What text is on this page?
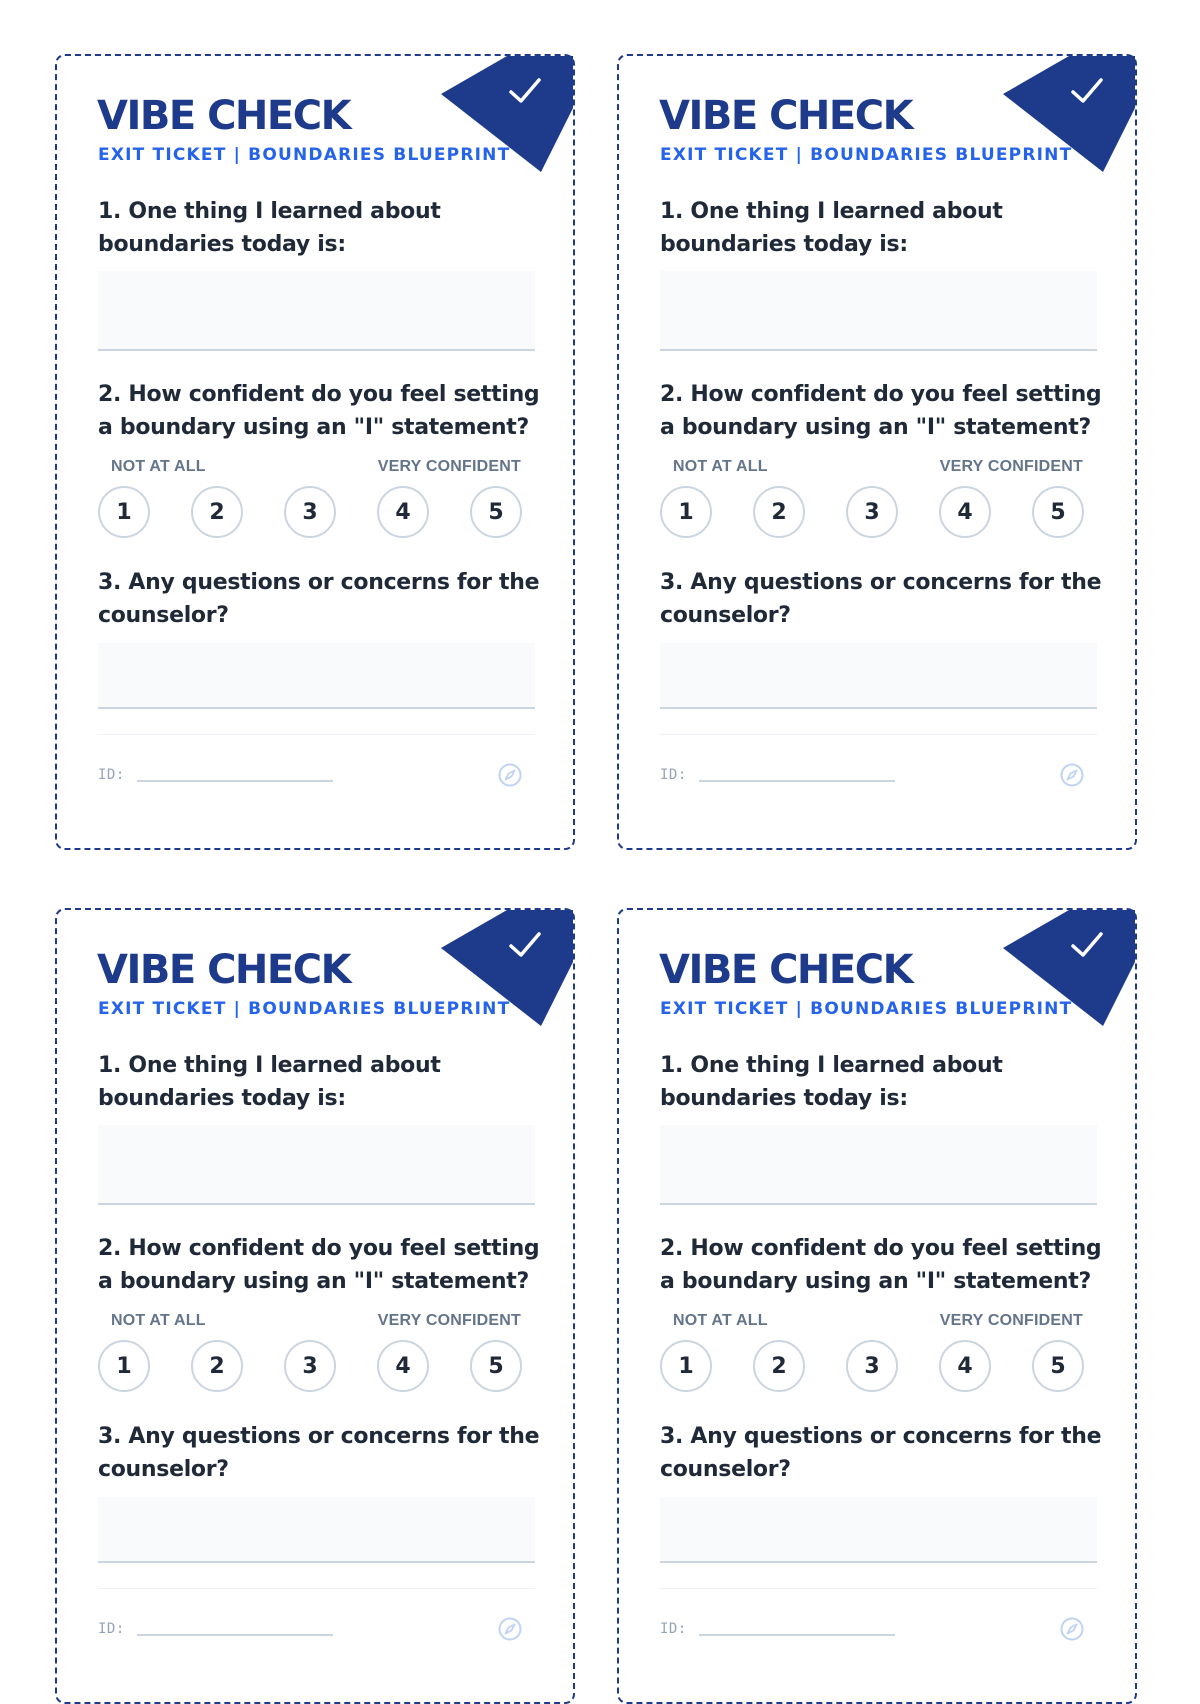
VIBE CHECK
EXIT TICKET | BOUNDARIES BLUEPRINT
1. One thing I learned about boundaries today is:
2. How confident do you feel setting a boundary using an "I" statement?
NOT AT ALL	VERY CONFIDENT
1	2	3	4	5
3. Any questions or concerns for the counselor?
ID:
VIBE CHECK
EXIT TICKET | BOUNDARIES BLUEPRINT
1. One thing I learned about boundaries today is:
2. How confident do you feel setting a boundary using an "I" statement?
NOT AT ALL	VERY CONFIDENT
1	2	3	4	5
3. Any questions or concerns for the counselor?
ID:
VIBE CHECK
EXIT TICKET | BOUNDARIES BLUEPRINT
1. One thing I learned about boundaries today is:
2. How confident do you feel setting a boundary using an "I" statement?
NOT AT ALL	VERY CONFIDENT
1	2	3	4	5
3. Any questions or concerns for the counselor?
ID:
VIBE CHECK
EXIT TICKET | BOUNDARIES BLUEPRINT
1. One thing I learned about boundaries today is:
2. How confident do you feel setting a boundary using an "I" statement?
NOT AT ALL	VERY CONFIDENT
1	2	3	4	5
3. Any questions or concerns for the counselor?
ID:
